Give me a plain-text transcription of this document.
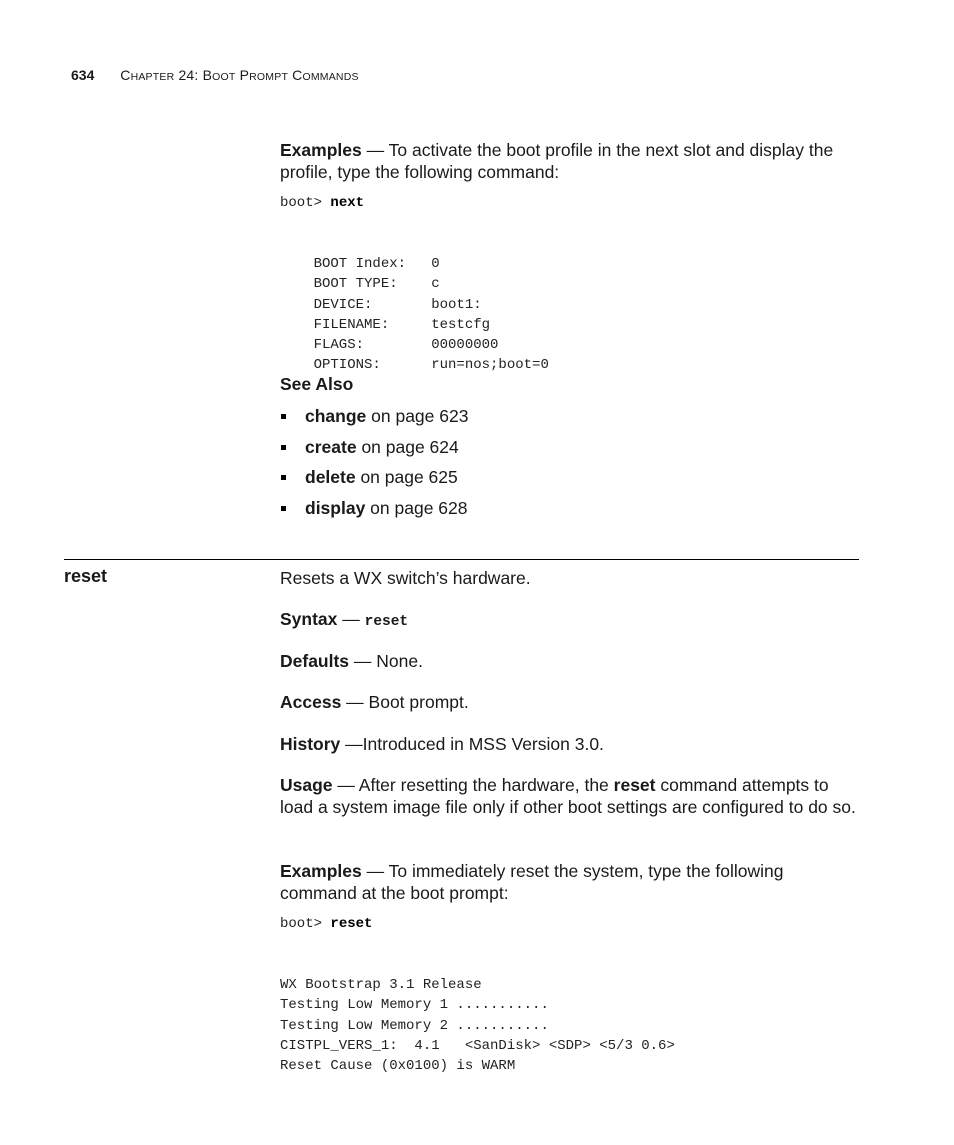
634 CHAPTER 24: BOOT PROMPT COMMANDS
Examples — To activate the boot profile in the next slot and display the profile, type the following command:
boot> next

BOOT Index:   0
BOOT TYPE:    c
DEVICE:       boot1:
FILENAME:     testcfg
FLAGS:        00000000
OPTIONS:      run=nos;boot=0

See Also
change on page 623
create on page 624
delete on page 625
display on page 628
reset	Resets a WX switch’s hardware.
Syntax — reset
Defaults — None.
Access — Boot prompt.
History —Introduced in MSS Version 3.0.
Usage — After resetting the hardware, the reset command attempts to load a system image file only if other boot settings are configured to do so.
Examples — To immediately reset the system, type the following command at the boot prompt:
boot> reset

WX Bootstrap 3.1 Release
Testing Low Memory 1 ...........
Testing Low Memory 2 ...........
CISTPL_VERS_1:  4.1   <SanDisk> <SDP> <5/3 0.6>
Reset Cause (0x0100) is WARM
